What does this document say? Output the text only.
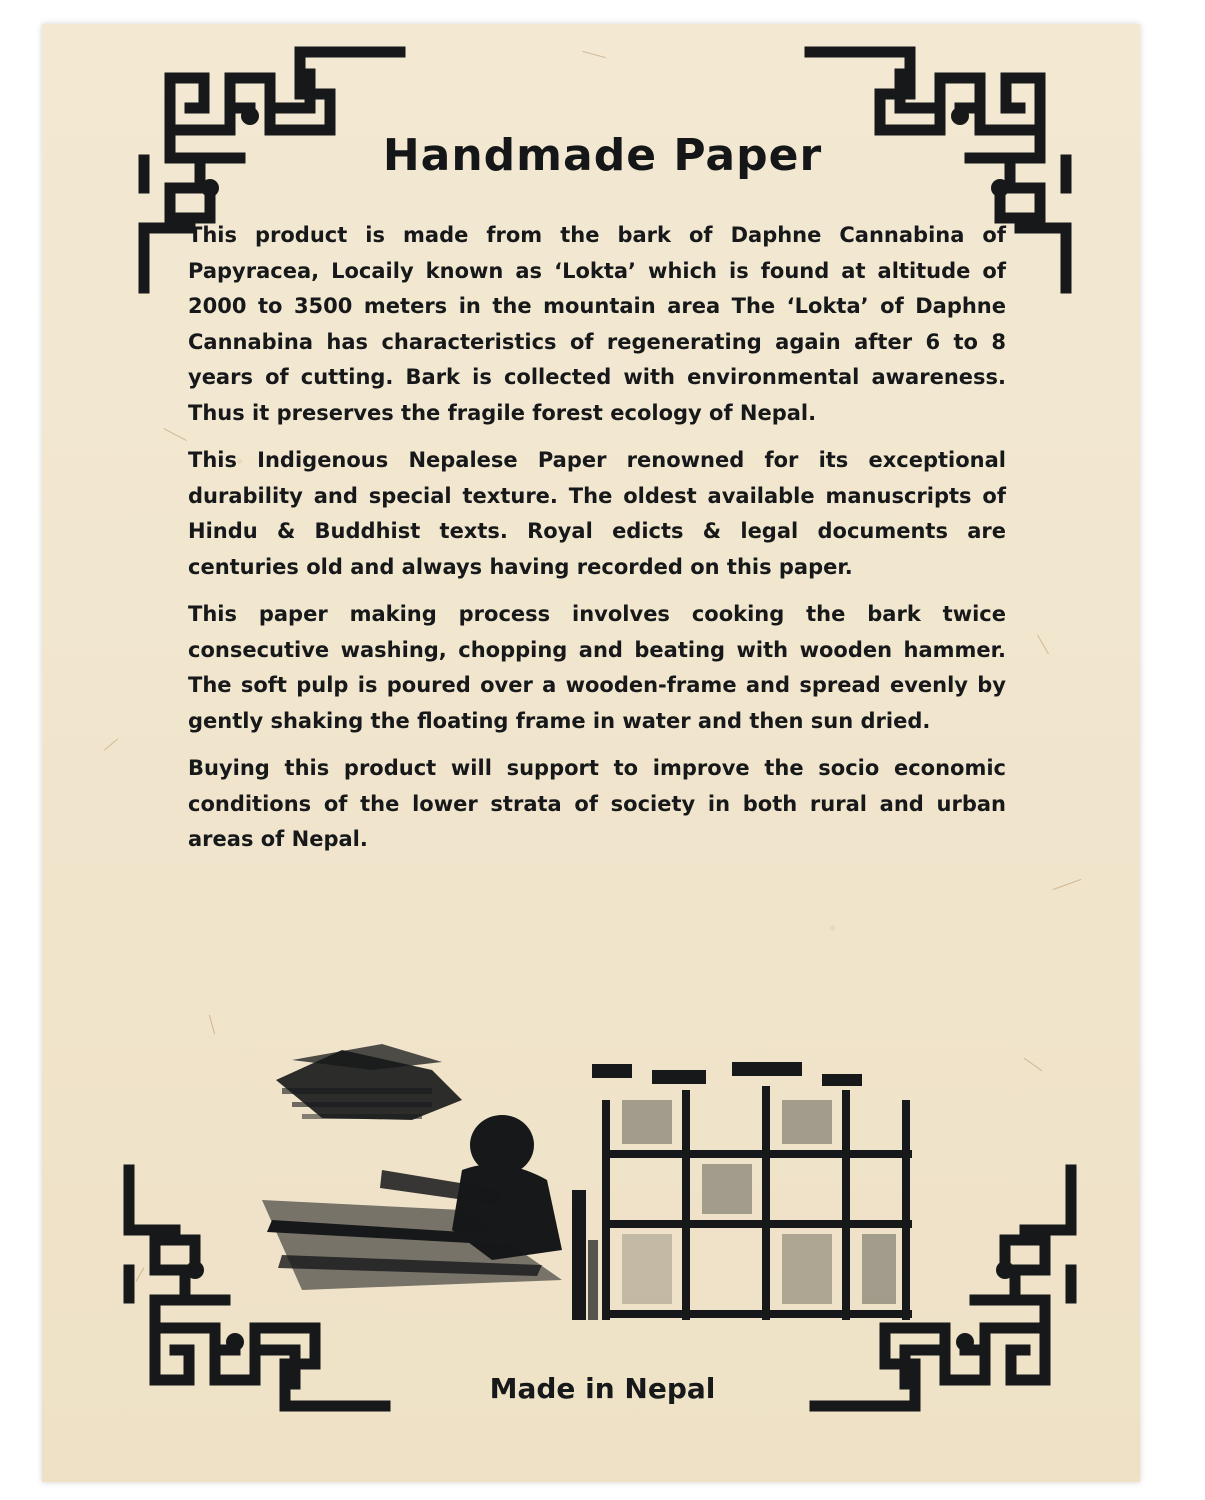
Handmade Paper

This product is made from the bark of Daphne Cannabina of Papyracea, Locaily known as ‘Lokta’ which is found at altitude of 2000 to 3500 meters in the mountain area The ‘Lokta’ of Daphne Cannabina has characteristics of regenerating again after 6 to 8 years of cutting. Bark is collected with environmental awareness. Thus it preserves the fragile forest ecology of Nepal.

This Indigenous Nepalese Paper renowned for its exceptional durability and special texture. The oldest available manuscripts of Hindu & Buddhist texts. Royal edicts & legal documents are centuries old and always having recorded on this paper.

This paper making process involves cooking the bark twice consecutive washing, chopping and beating with wooden hammer. The soft pulp is poured over a wooden-frame and spread evenly by gently shaking the floating frame in water and then sun dried.

Buying this product will support to improve the socio economic conditions of the lower strata of society in both rural and urban areas of Nepal.

Made in Nepal
